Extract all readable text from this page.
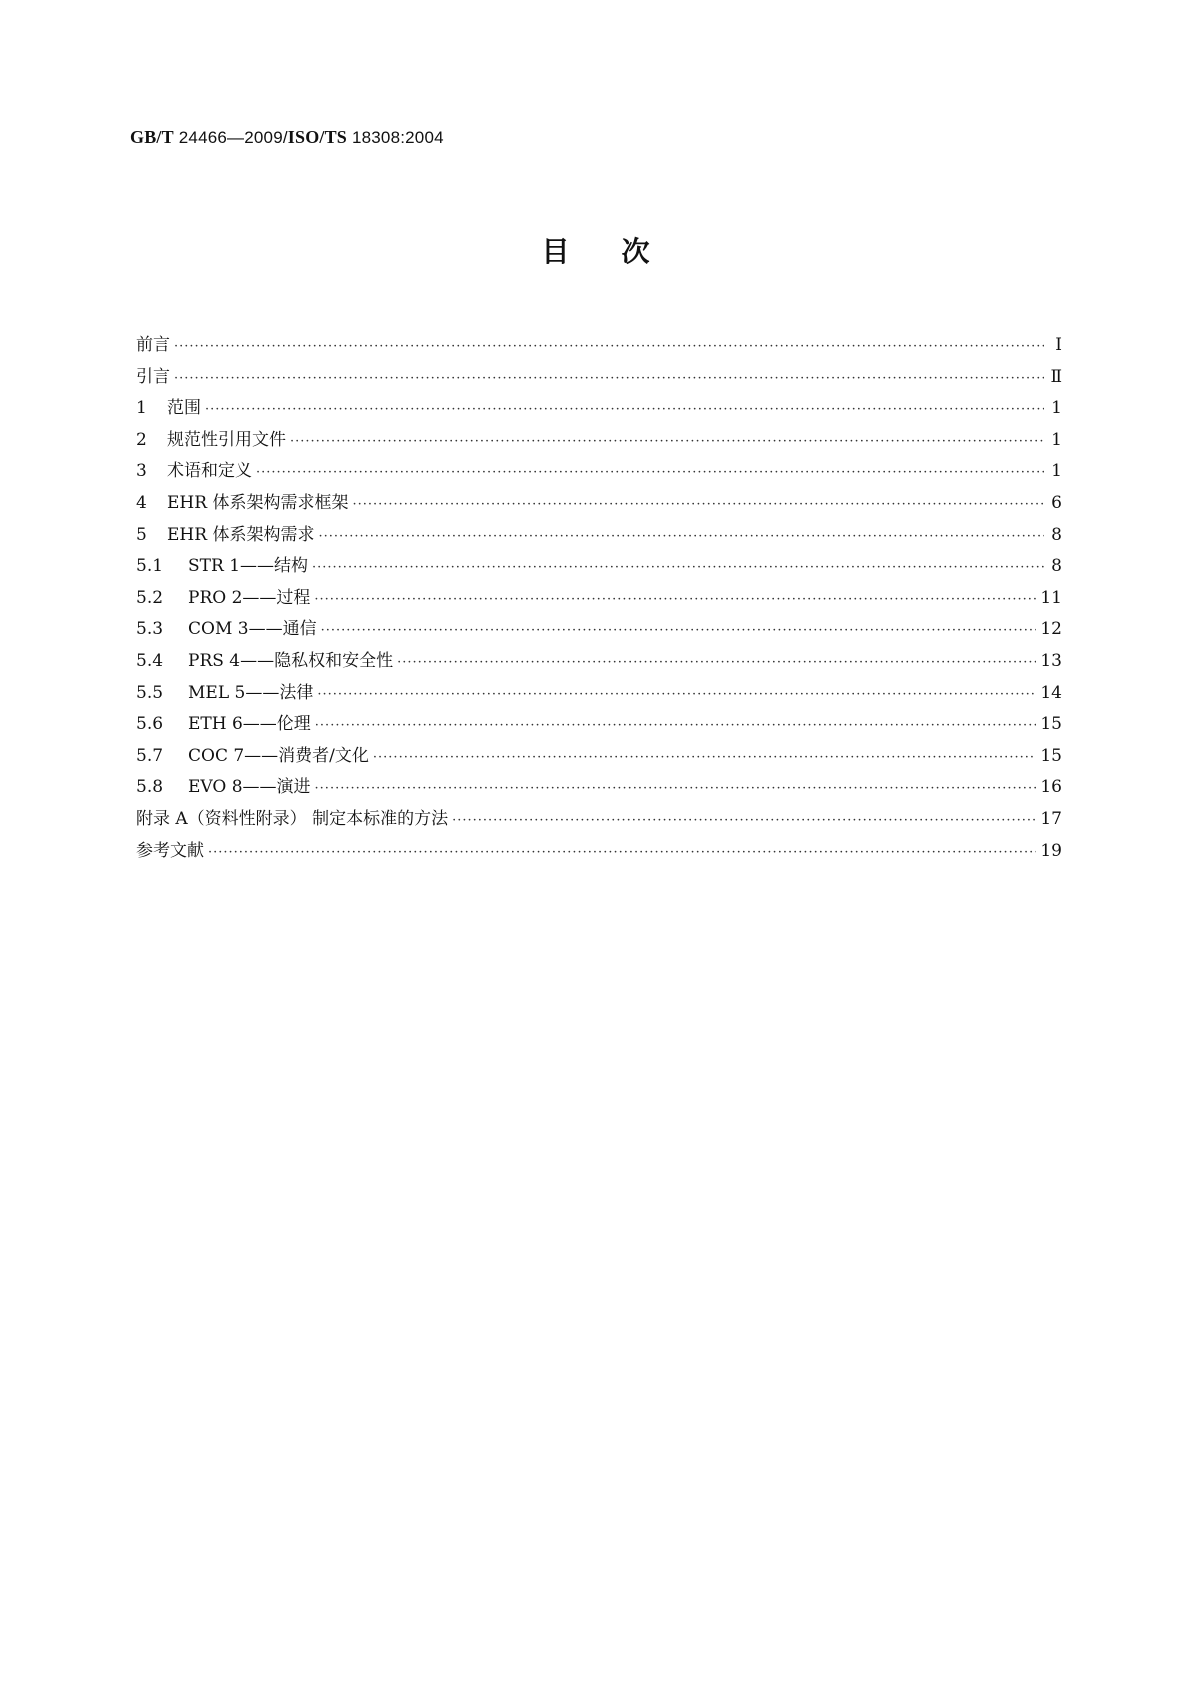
GB/T 24466—2009/ISO/TS 18308:2004
目 次
前言 ·····	Ⅰ
引言 ·····	Ⅱ
1	范围 ·····	1
2	规范性引用文件 ·····	1
3	术语和定义 ·····	1
4	EHR 体系架构需求框架 ·····	6
5	EHR 体系架构需求 ·····	8
5.1	STR 1——结构 ·····	8
5.2	PRO 2——过程 ·····	11
5.3	COM 3——通信 ·····	12
5.4	PRS 4——隐私权和安全性 ·····	13
5.5	MEL 5——法律 ·····	14
5.6	ETH 6——伦理 ·····	15
5.7	COC 7——消费者/文化 ·····	15
5.8	EVO 8——演进 ·····	16
附录 A（资料性附录） 制定本标准的方法 ·····	17
参考文献 ·····	19
